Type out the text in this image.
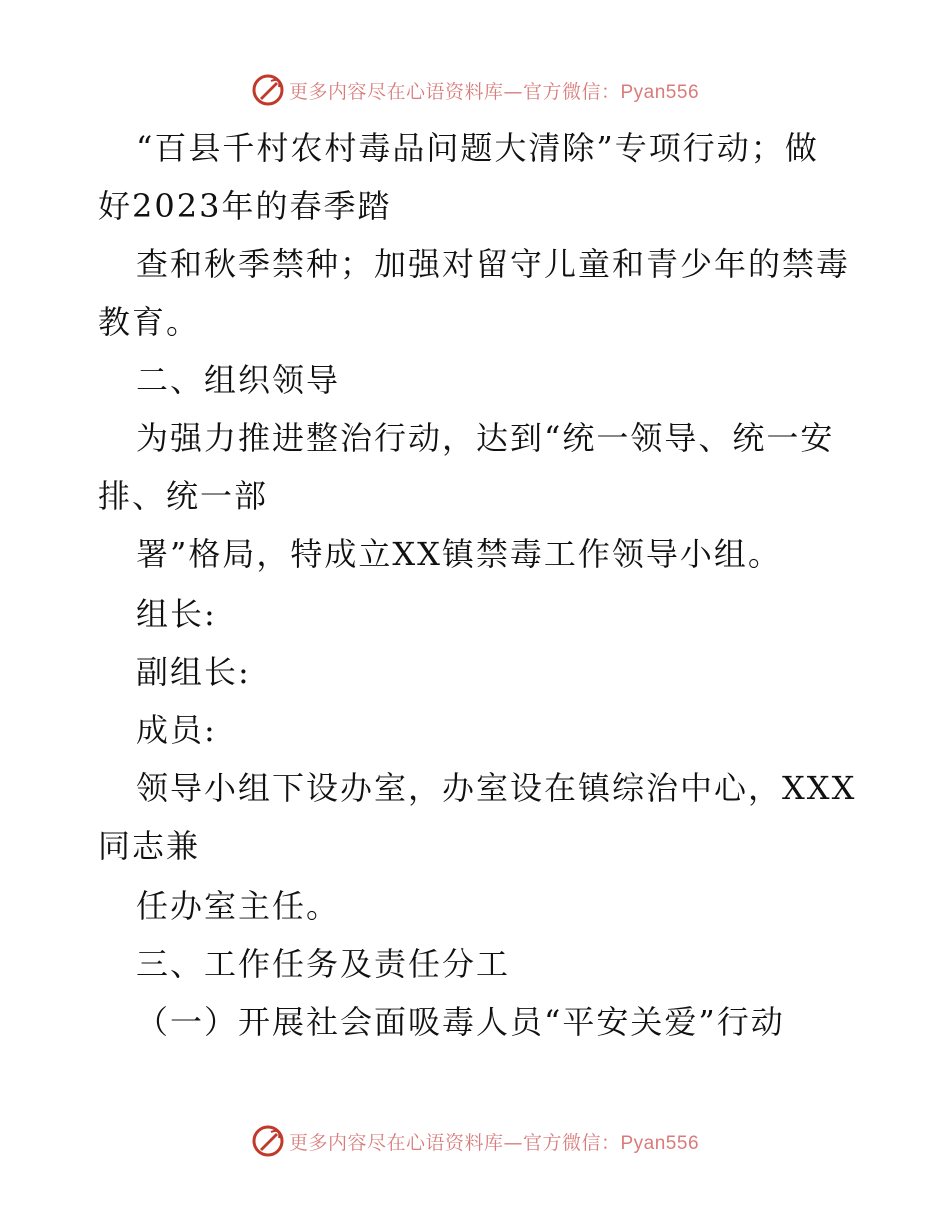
更多内容尽在心语资料库—官方微信：Pyan556
“百县千村农村毒品问题大清除”专项行动；做
好2023年的春季踏
查和秋季禁种；加强对留守儿童和青少年的禁毒
教育。
二、组织领导
为强力推进整治行动，达到“统一领导、统一安
排、统一部
署”格局，特成立XX镇禁毒工作领导小组。
组长:
副组长:
成员:
领导小组下设办室，办室设在镇综治中心，XXX
同志兼
任办室主任。
三、工作任务及责任分工
（一）开展社会面吸毒人员“平安关爱”行动
更多内容尽在心语资料库—官方微信：Pyan556
